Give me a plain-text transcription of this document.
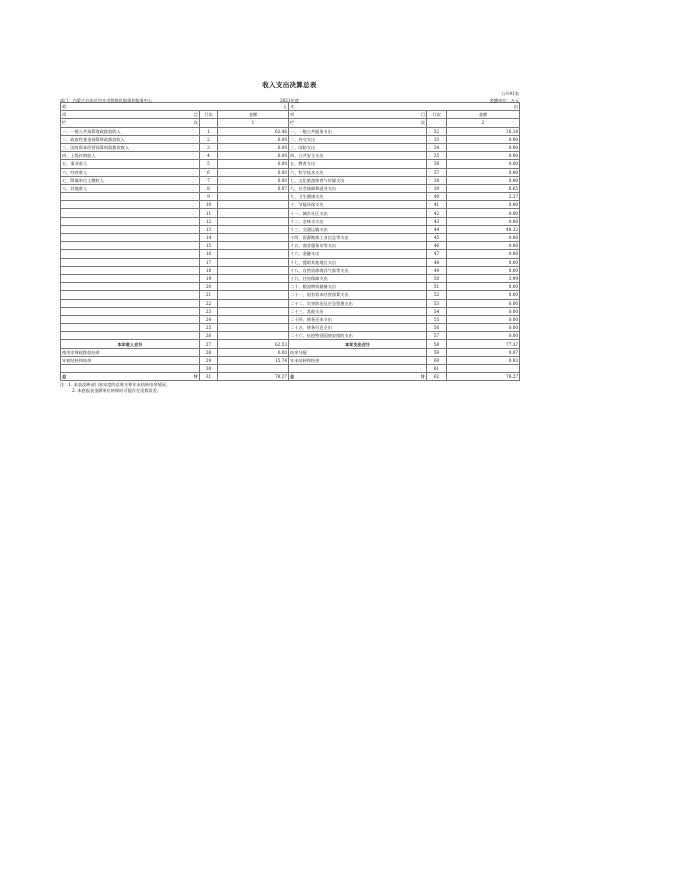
收入支出决算总表
部门：内蒙古自治区包头市铁路民航事业服务中心	2021年度
公开01表
金额单位：万元
收 入			支 出		

项 目	行次	金额	项 目	行次	金额

栏 次		1	栏 次		2
一、一般公共预算财政拨款收入	1	62.46	一、一般公共服务支出	32	16.18
二、政府性基金预算财政拨款收入	2	0.00	二、外交支出	33	0.00
三、国有资本经营预算财政拨款收入	3	0.00	三、国防支出	34	0.00
四、上级补助收入	4	0.00	四、公共安全支出	35	0.00
五、事业收入	5	0.00	五、教育支出	36	0.00
六、经营收入	6	0.00	六、科学技术支出	37	0.00
七、附属单位上缴收入	7	0.00	七、文化旅游体育与传媒支出	38	0.00
八、其他收入	8	0.07	八、社会保障和就业支出	39	6.65
	9		九、卫生健康支出	40	2.27
	10		十、节能环保支出	41	0.00
	11		十一、城乡社区支出	42	0.00
	12		十二、农林水支出	43	0.00
	13		十三、交通运输支出	44	48.32
	14		十四、资源勘探工业信息等支出	45	0.00
	15		十五、商业服务业等支出	46	0.00
	16		十六、金融支出	47	0.00
	17		十七、援助其他地区支出	48	0.00
	18		十八、自然资源海洋气象等支出	49	0.00
	19		十九、住房保障支出	50	3.99
	20		二十、粮油物资储备支出	51	0.00
	21		二十一、国有资本经营预算支出	52	0.00
	22		二十二、灾害防治及应急管理支出	53	0.00
	23		二十三、其他支出	54	0.00
	24		二十四、债务还本支出	55	0.00
	25		二十五、债务付息支出	56	0.00
	26		二十六、抗疫特别国债安排的支出	57	0.00
本年收入合计	27	62.53	本年支出合计	58	77.37
使用非财政拨款结余	28	0.00	结余分配	59	0.07
年初结转和结余	29	15.74	年末结转和结余	60	0.83
	30			61	

总 计	31	78.27	总 计	62	78.27
注：1. 本表反映部门本年度的总收支和年末结转结余情况。
2. 本套报表金额单位转换时可能存在尾数误差。
